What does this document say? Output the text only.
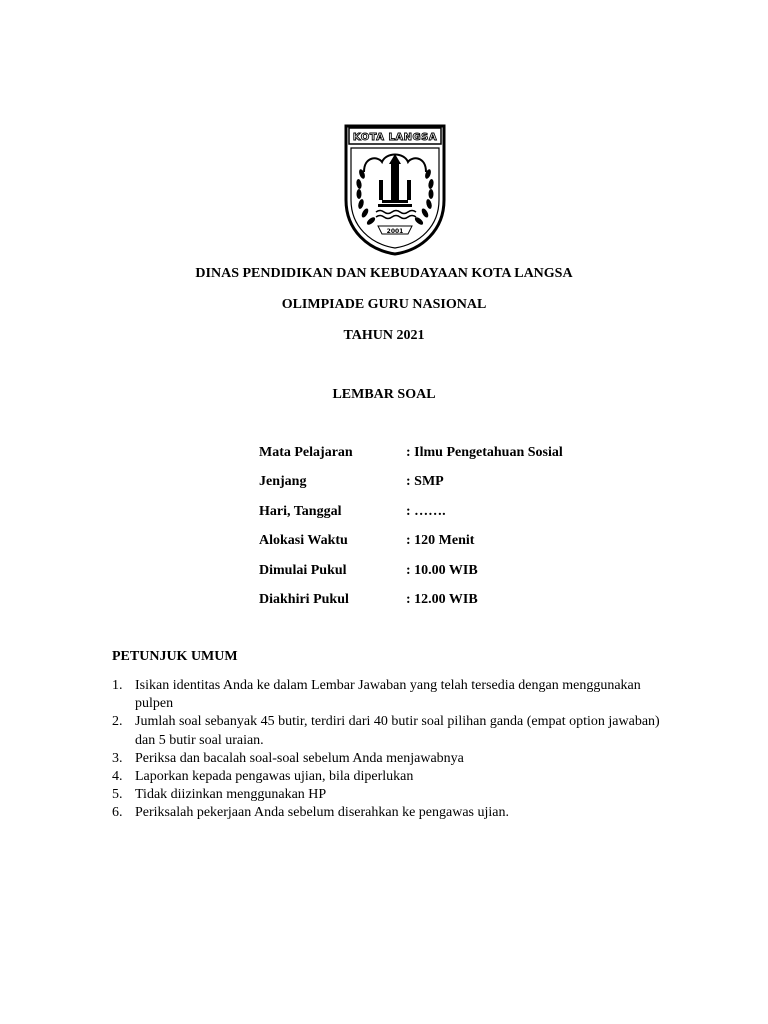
KOTA LANGSA
2001
DINAS PENDIDIKAN DAN KEBUDAYAAN KOTA LANGSA
OLIMPIADE GURU NASIONAL
TAHUN 2021
LEMBAR SOAL
Mata Pelajaran	: Ilmu Pengetahuan Sosial
Jenjang	: SMP
Hari, Tanggal	: …….
Alokasi Waktu	: 120 Menit
Dimulai Pukul	: 10.00 WIB
Diakhiri Pukul	: 12.00 WIB
PETUNJUK UMUM
1. Isikan identitas Anda ke dalam Lembar Jawaban yang telah tersedia dengan menggunakan pulpen
2. Jumlah soal sebanyak 45 butir, terdiri dari 40 butir soal pilihan ganda (empat option jawaban) dan 5 butir soal uraian.
3. Periksa dan bacalah soal-soal sebelum Anda menjawabnya
4. Laporkan kepada pengawas ujian, bila diperlukan
5. Tidak diizinkan menggunakan HP
6. Periksalah pekerjaan Anda sebelum diserahkan ke pengawas ujian.
